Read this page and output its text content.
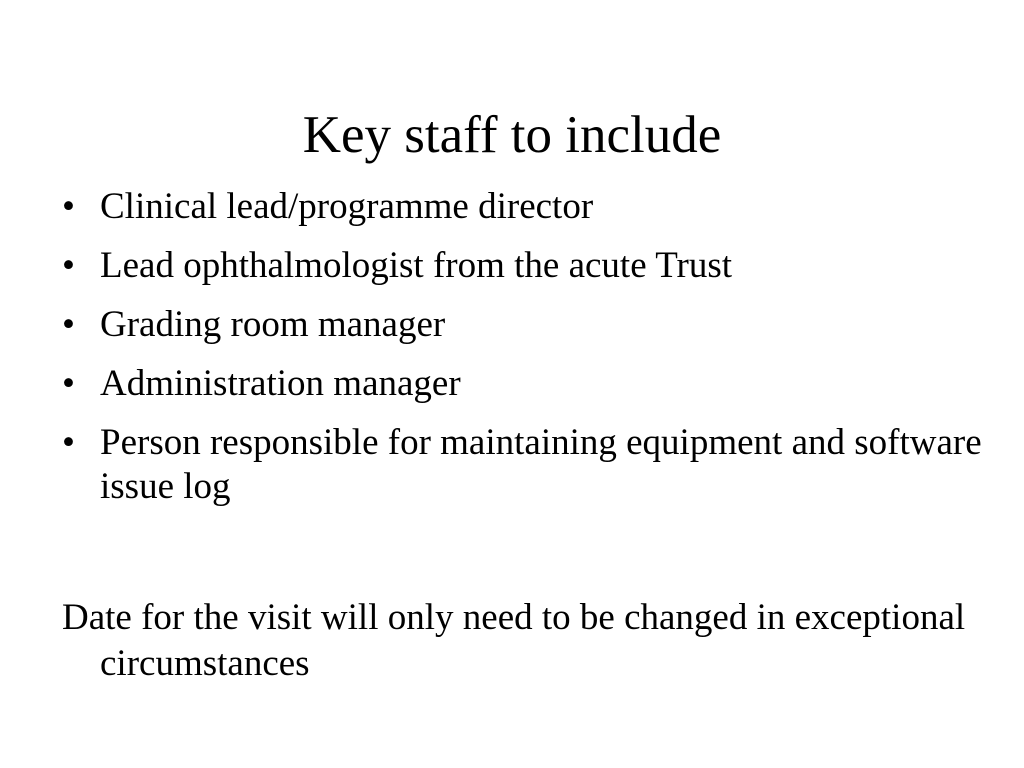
Key staff to include
• Clinical lead/programme director
• Lead ophthalmologist from the acute Trust
• Grading room manager
• Administration manager
• Person responsible for maintaining equipment and software issue log

Date for the visit will only need to be changed in exceptional circumstances
